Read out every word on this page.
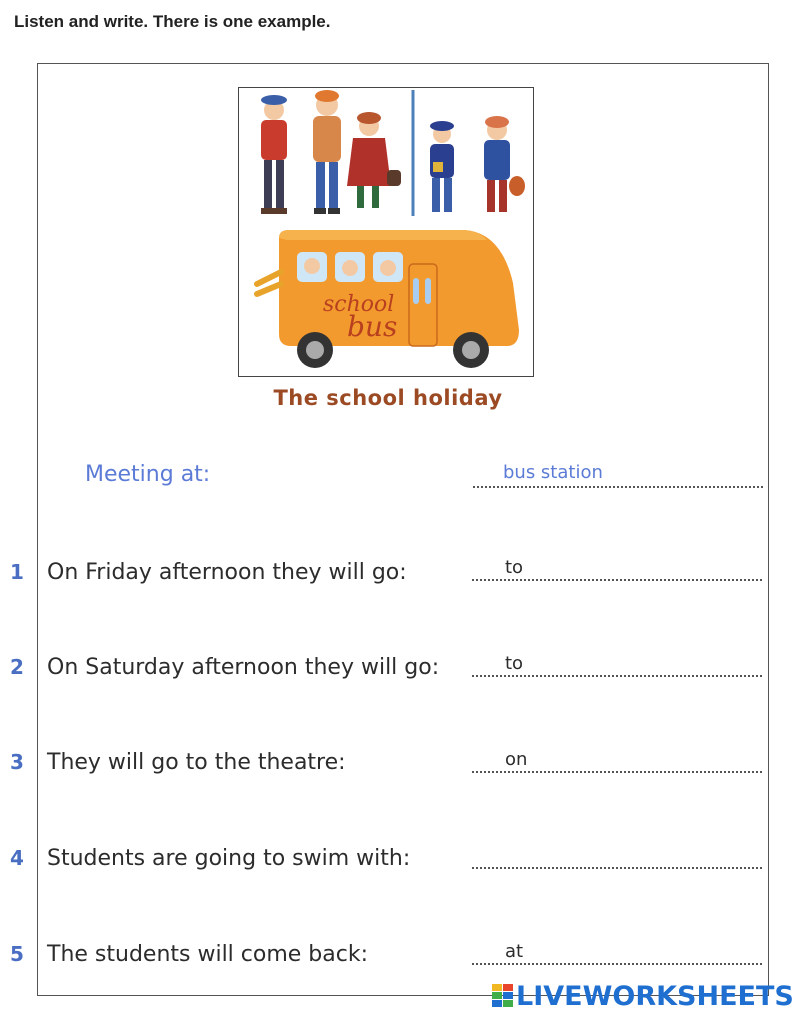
Listen and write. There is one example.
Meeting at:	bus station
school
bus
The school holiday
1 On Friday afternoon they will go:	to
2 On Saturday afternoon they will go:	to
3 They will go to the theatre:	on
4 Students are going to swim with:
5 The students will come back:	at
LIVEWORKSHEETS
